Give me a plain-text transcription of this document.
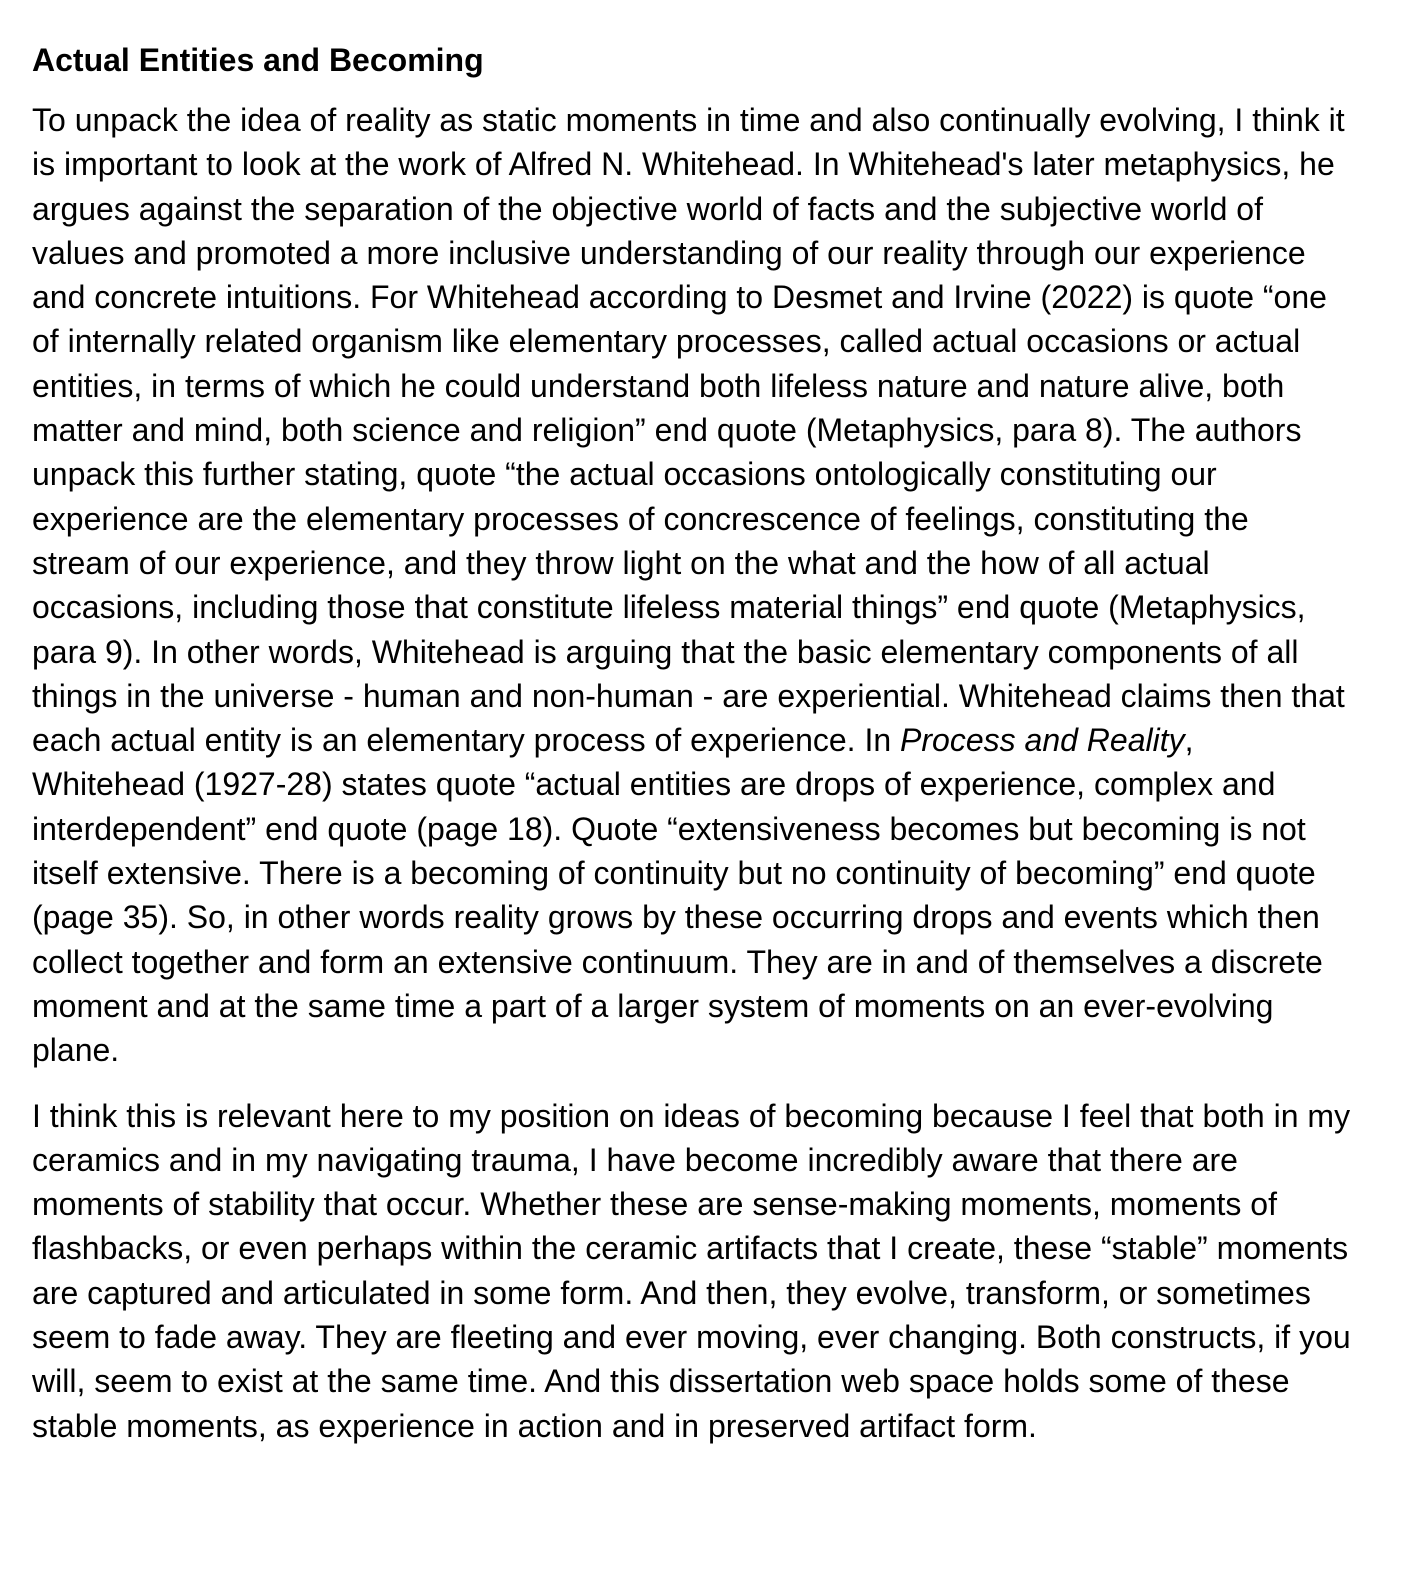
Actual Entities and Becoming

To unpack the idea of reality as static moments in time and also continually evolving, I think it is important to look at the work of Alfred N. Whitehead. In Whitehead's later metaphysics, he argues against the separation of the objective world of facts and the subjective world of values and promoted a more inclusive understanding of our reality through our experience and concrete intuitions. For Whitehead according to Desmet and Irvine (2022) is quote “one of internally related organism like elementary processes, called actual occasions or actual entities, in terms of which he could understand both lifeless nature and nature alive, both matter and mind, both science and religion” end quote (Metaphysics, para 8). The authors unpack this further stating, quote “the actual occasions ontologically constituting our experience are the elementary processes of concrescence of feelings, constituting the stream of our experience, and they throw light on the what and the how of all actual occasions, including those that constitute lifeless material things” end quote (Metaphysics, para 9). In other words, Whitehead is arguing that the basic elementary components of all things in the universe - human and non-human - are experiential. Whitehead claims then that each actual entity is an elementary process of experience. In Process and Reality, Whitehead (1927-28) states quote “actual entities are drops of experience, complex and interdependent” end quote (page 18). Quote “extensiveness becomes but becoming is not itself extensive. There is a becoming of continuity but no continuity of becoming” end quote (page 35). So, in other words reality grows by these occurring drops and events which then collect together and form an extensive continuum. They are in and of themselves a discrete moment and at the same time a part of a larger system of moments on an ever-evolving plane.

I think this is relevant here to my position on ideas of becoming because I feel that both in my ceramics and in my navigating trauma, I have become incredibly aware that there are moments of stability that occur. Whether these are sense-making moments, moments of flashbacks, or even perhaps within the ceramic artifacts that I create, these “stable” moments are captured and articulated in some form. And then, they evolve, transform, or sometimes seem to fade away. They are fleeting and ever moving, ever changing. Both constructs, if you will, seem to exist at the same time. And this dissertation web space holds some of these stable moments, as experience in action and in preserved artifact form.
